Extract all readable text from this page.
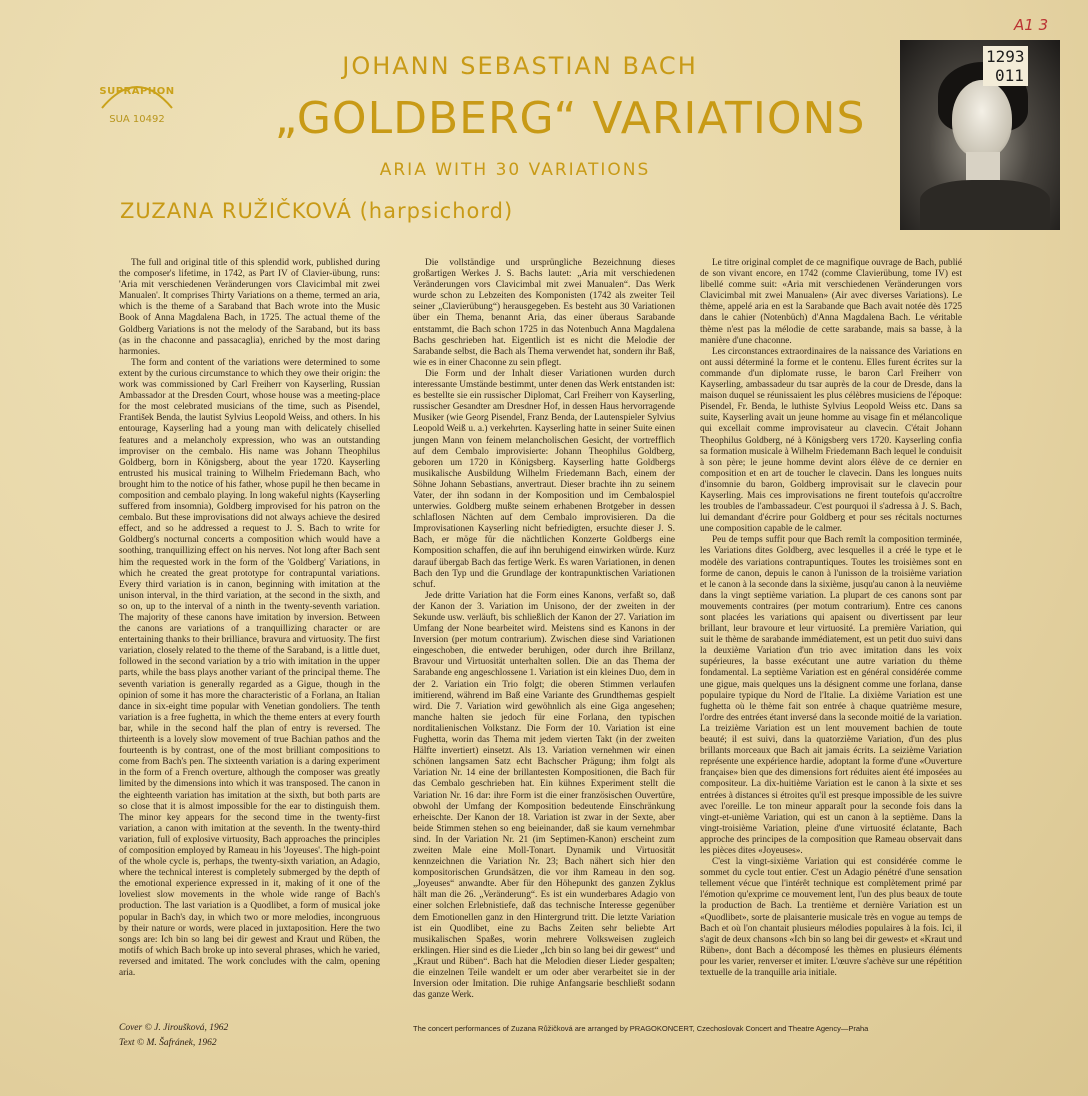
SUPRAPHON
SUA 10492
JOHANN SEBASTIAN BACH
„GOLDBERG“ VARIATIONS
ARIA WITH 30 VARIATIONS
ZUZANA RUŽIČKOVÁ (harpsichord)
1293
011
A1 3

The full and original title of this splendid work, published during the composer's lifetime, in 1742, as Part IV of Clavier-übung, runs: 'Aria mit verschiedenen Veränderungen vors Clavicimbal mit zwei Manualen'. It comprises Thirty Variations on a theme, termed an aria, which is the theme of a Saraband that Bach wrote into the Music Book of Anna Magdalena Bach, in 1725. The actual theme of the Goldberg Variations is not the melody of the Saraband, but its bass (as in the chaconne and passacaglia), enriched by the most daring harmonies.

The form and content of the variations were determined to some extent by the curious circumstance to which they owe their origin: the work was commissioned by Carl Freiherr von Kayserling, Russian Ambassador at the Dresden Court, whose house was a meeting-place for the most celebrated musicians of the time, such as Pisendel, František Benda, the lautist Sylvius Leopold Weiss, and others. In his entourage, Kayserling had a young man with delicately chiselled features and a melancholy expression, who was an outstanding improviser on the cembalo. His name was Johann Theophilus Goldberg, born in Königsberg, about the year 1720. Kayserling entrusted his musical training to Wilhelm Friedemann Bach, who brought him to the notice of his father, whose pupil he then became in composition and cembalo playing. In long wakeful nights (Kayserling suffered from insomnia), Goldberg improvised for his patron on the cembalo. But these improvisations did not always achieve the desired effect, and so he addressed a request to J. S. Bach to write for Goldberg's nocturnal concerts a composition which would have a soothing, tranquillizing effect on his nerves. Not long after Bach sent him the requested work in the form of the 'Goldberg' Variations, in which he created the great prototype for contrapuntal variations. Every third variation is in canon, beginning with imitation at the unison interval, in the third variation, at the second in the sixth, and so on, up to the interval of a ninth in the twenty-seventh variation. The majority of these canons have imitation by inversion. Between the canons are variations of a tranquillizing character or are entertaining thanks to their brilliance, bravura and virtuosity. The first variation, closely related to the theme of the Saraband, is a little duet, followed in the second variation by a trio with imitation in the upper parts, while the bass plays another variant of the principal theme. The seventh variation is generally regarded as a Gigue, though in the opinion of some it has more the characteristic of a Forlana, an Italian dance in six-eight time popular with Venetian gondoliers. The tenth variation is a free fughetta, in which the theme enters at every fourth bar, while in the second half the plan of entry is reversed. The thirteenth is a lovely slow movement of true Bachian pathos and the fourteenth is by contrast, one of the most brilliant compositions to come from Bach's pen. The sixteenth variation is a daring experiment in the form of a French overture, although the composer was greatly limited by the dimensions into which it was transposed. The canon in the eighteenth variation has imitation at the sixth, but both parts are so close that it is almost impossible for the ear to distinguish them. The minor key appears for the second time in the twenty-first variation, a canon with imitation at the seventh. In the twenty-third variation, full of explosive virtuosity, Bach approaches the principles of composition employed by Rameau in his 'Joyeuses'. The high-point of the whole cycle is, perhaps, the twenty-sixth variation, an Adagio, where the technical interest is completely submerged by the depth of the emotional experience expressed in it, making of it one of the loveliest slow movements in the whole wide range of Bach's production. The last variation is a Quodlibet, a form of musical joke popular in Bach's day, in which two or more melodies, incongruous by their nature or words, were placed in juxtaposition. Here the two songs are: Ich bin so lang bei dir gewest and Kraut und Rüben, the motifs of which Bach broke up into several phrases, which he varied, reversed and imitated. The work concludes with the calm, opening aria.

Die vollständige und ursprüngliche Bezeichnung dieses großartigen Werkes J. S. Bachs lautet: „Aria mit verschiedenen Veränderungen vors Clavicimbal mit zwei Manualen“. Das Werk wurde schon zu Lebzeiten des Komponisten (1742 als zweiter Teil seiner „Clavierübung“) herausgegeben. Es besteht aus 30 Variationen über ein Thema, benannt Aria, das einer überaus Sarabande entstammt, die Bach schon 1725 in das Notenbuch Anna Magdalena Bachs geschrieben hat. Eigentlich ist es nicht die Melodie der Sarabande selbst, die Bach als Thema verwendet hat, sondern ihr Baß, wie es in einer Chaconne zu sein pflegt.

Die Form und der Inhalt dieser Variationen wurden durch interessante Umstände bestimmt, unter denen das Werk entstanden ist: es bestellte sie ein russischer Diplomat, Carl Freiherr von Kayserling, russischer Gesandter am Dresdner Hof, in dessen Haus hervorragende Musiker (wie Georg Pisendel, Franz Benda, der Lautenspieler Sylvius Leopold Weiß u. a.) verkehrten. Kayserling hatte in seiner Suite einen jungen Mann von feinem melancholischen Gesicht, der vortrefflich auf dem Cembalo improvisierte: Johann Theophilus Goldberg, geboren um 1720 in Königsberg. Kayserling hatte Goldbergs musikalische Ausbildung Wilhelm Friedemann Bach, einem der Söhne Johann Sebastians, anvertraut. Dieser brachte ihn zu seinem Vater, der ihn sodann in der Komposition und im Cembalospiel unterwies. Goldberg mußte seinem erhabenen Brotgeber in dessen schlaflosen Nächten auf dem Cembalo improvisieren. Da die Improvisationen Kayserling nicht befriedigten, ersuchte dieser J. S. Bach, er möge für die nächtlichen Konzerte Goldbergs eine Komposition schaffen, die auf ihn beruhigend einwirken würde. Kurz darauf übergab Bach das fertige Werk. Es waren Variationen, in denen Bach den Typ und die Grundlage der kontrapunktischen Variationen schuf.

Jede dritte Variation hat die Form eines Kanons, verfaßt so, daß der Kanon der 3. Variation im Unisono, der der zweiten in der Sekunde usw. verläuft, bis schließlich der Kanon der 27. Variation im Umfang der None bearbeitet wird. Meistens sind es Kanons in der Inversion (per motum contrarium). Zwischen diese sind Variationen eingeschoben, die entweder beruhigen, oder durch ihre Brillanz, Bravour und Virtuosität unterhalten sollen. Die an das Thema der Sarabande eng angeschlossene 1. Variation ist ein kleines Duo, dem in der 2. Variation ein Trio folgt; die oberen Stimmen verlaufen imitierend, während im Baß eine Variante des Grundthemas gespielt wird. Die 7. Variation wird gewöhnlich als eine Giga angesehen; manche halten sie jedoch für eine Forlana, den typischen norditalienischen Volkstanz. Die Form der 10. Variation ist eine Fughetta, worin das Thema mit jedem vierten Takt (in der zweiten Hälfte invertiert) einsetzt. Als 13. Variation vernehmen wir einen schönen langsamen Satz echt Bachscher Prägung; ihm folgt als Variation Nr. 14 eine der brillantesten Kompositionen, die Bach für das Cembalo geschrieben hat. Ein kühnes Experiment stellt die Variation Nr. 16 dar: ihre Form ist die einer französischen Ouvertüre, obwohl der Umfang der Komposition bedeutende Einschränkung erheischte. Der Kanon der 18. Variation ist zwar in der Sexte, aber beide Stimmen stehen so eng beieinander, daß sie kaum vernehmbar sind. In der Variation Nr. 21 (im Septimen-Kanon) erscheint zum zweiten Male eine Moll-Tonart. Dynamik und Virtuosität kennzeichnen die Variation Nr. 23; Bach nähert sich hier den kompositorischen Grundsätzen, die vor ihm Rameau in den sog. „Joyeuses“ anwandte. Aber für den Höhepunkt des ganzen Zyklus hält man die 26. „Veränderung“. Es ist ein wunderbares Adagio von einer solchen Erlebnistiefe, daß das technische Interesse gegenüber dem Emotionellen ganz in den Hintergrund tritt. Die letzte Variation ist ein Quodlibet, eine zu Bachs Zeiten sehr beliebte Art musikalischen Spaßes, worin mehrere Volksweisen zugleich erklingen. Hier sind es die Lieder „Ich bin so lang bei dir gewest“ und „Kraut und Rüben“. Bach hat die Melodien dieser Lieder gespalten; die einzelnen Teile wandelt er um oder aber verarbeitet sie in der Inversion oder Imitation. Die ruhige Anfangsarie beschließt sodann das ganze Werk.

Le titre original complet de ce magnifique ouvrage de Bach, publié de son vivant encore, en 1742 (comme Clavierübung, tome IV) est libellé comme suit: «Aria mit verschiedenen Veränderungen vors Clavicimbal mit zwei Manualen» (Air avec diverses Variations). Le thème, appelé aria en est la Sarabande que Bach avait notée dès 1725 dans le cahier (Notenbüch) d'Anna Magdalena Bach. Le véritable thème n'est pas la mélodie de cette sarabande, mais sa basse, à la manière d'une chaconne.

Les circonstances extraordinaires de la naissance des Variations en ont aussi déterminé la forme et le contenu. Elles furent écrites sur la commande d'un diplomate russe, le baron Carl Freiherr von Kayserling, ambassadeur du tsar auprès de la cour de Dresde, dans la maison duquel se réunissaient les plus célèbres musiciens de l'époque: Pisendel, Fr. Benda, le luthiste Sylvius Leopold Weiss etc. Dans sa suite, Kayserling avait un jeune homme au visage fin et mélancolique qui excellait comme improvisateur au clavecin. C'était Johann Theophilus Goldberg, né à Königsberg vers 1720. Kayserling confia sa formation musicale à Wilhelm Friedemann Bach lequel le conduisit à son père; le jeune homme devint alors élève de ce dernier en composition et en art de toucher le clavecin. Dans les longues nuits d'insomnie du baron, Goldberg improvisait sur le clavecin pour Kayserling. Mais ces improvisations ne firent toutefois qu'accroître les troubles de l'ambassadeur. C'est pourquoi il s'adressa à J. S. Bach, lui demandant d'écrire pour Goldberg et pour ses récitals nocturnes une composition capable de le calmer.

Peu de temps suffit pour que Bach remît la composition terminée, les Variations dites Goldberg, avec lesquelles il a créé le type et le modèle des variations contrapuntiques. Toutes les troisièmes sont en forme de canon, depuis le canon à l'unisson de la troisième variation et le canon à la seconde dans la sixième, jusqu'au canon à la neuvième dans la vingt septième variation. La plupart de ces canons sont par mouvements contraires (per motum contrarium). Entre ces canons sont placées les variations qui apaisent ou divertissent par leur brillant, leur bravoure et leur virtuosité. La première Variation, qui suit le thème de sarabande immédiatement, est un petit duo suivi dans la deuxième Variation d'un trio avec imitation dans les voix supérieures, la basse exécutant une autre variation du thème fondamental. La septième Variation est en général considérée comme une gigue, mais quelques uns la désignent comme une forlana, danse populaire typique du Nord de l'Italie. La dixième Variation est une fughetta où le thème fait son entrée à chaque quatrième mesure, l'ordre des entrées étant inversé dans la seconde moitié de la variation. La treizième Variation est un lent mouvement bachien de toute beauté; il est suivi, dans la quatorzième Variation, d'un des plus brillants morceaux que Bach ait jamais écrits. La seizième Variation représente une expérience hardie, adoptant la forme d'une «Ouverture française» bien que des dimensions fort réduites aient été imposées au compositeur. La dix-huitième Variation est le canon à la sixte et ses entrées à distances si étroites qu'il est presque impossible de les suivre avec l'oreille. Le ton mineur apparaît pour la seconde fois dans la vingt-et-unième Variation, qui est un canon à la septième. Dans la vingt-troisième Variation, pleine d'une virtuosité éclatante, Bach approche des principes de la composition que Rameau observait dans les pièces dites «Joyeuses».

C'est la vingt-sixième Variation qui est considérée comme le sommet du cycle tout entier. C'est un Adagio pénétré d'une sensation tellement vécue que l'intérêt technique est complètement primé par l'émotion qu'exprime ce mouvement lent, l'un des plus beaux de toute la production de Bach. La trentième et dernière Variation est un «Quodlibet», sorte de plaisanterie musicale très en vogue au temps de Bach et où l'on chantait plusieurs mélodies populaires à la fois. Ici, il s'agit de deux chansons «Ich bin so lang bei dir gewest» et «Kraut und Rüben», dont Bach a décomposé les thèmes en plusieurs éléments pour les varier, renverser et imiter. L'œuvre s'achève sur une répétition textuelle de la tranquille aria initiale.

Cover © J. Jiroušková, 1962
Text © M. Šafránek, 1962
The concert performances of Zuzana Růžičková are arranged by PRAGOKONCERT, Czechoslovak Concert and Theatre Agency—Praha
